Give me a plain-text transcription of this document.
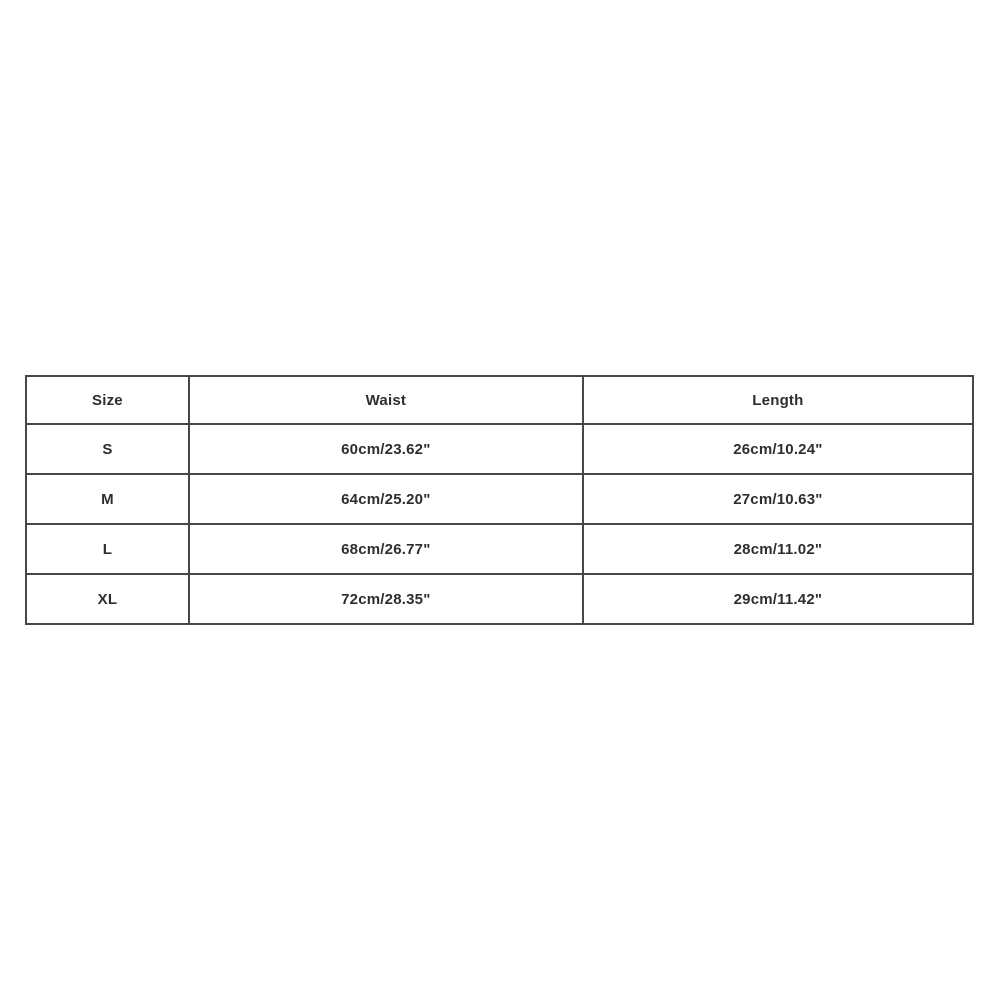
Size	Waist	Length
S	60cm/23.62"	26cm/10.24"
M	64cm/25.20"	27cm/10.63"
L	68cm/26.77"	28cm/11.02"
XL	72cm/28.35"	29cm/11.42"
